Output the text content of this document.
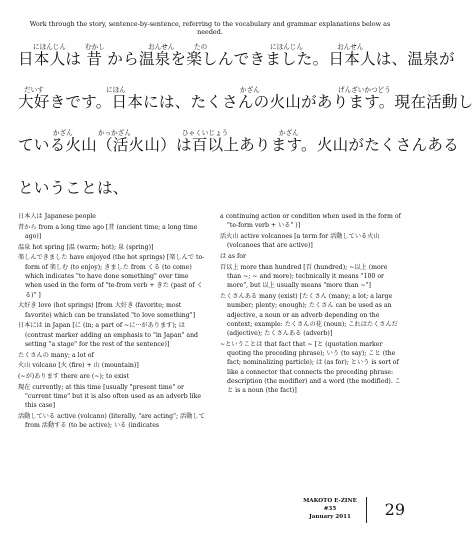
Work through the story, sentence-by-sentence, referring to the vocabulary and grammar explanations below as needed.
にほんじん	むかし	おんせん	たの	にほんじん	おんせん
日本人は 昔 から温泉を楽しんできました。日本人は、温泉が
だいす	にほん	かざん	げんざいかつどう
大好きです。日本には、たくさんの火山があります。現在活動し
かざん	かっかざん	ひゃくいじょう	かざん
ている火山（活火山）は百以上あります。火山がたくさんある
ということは、
日本人は Japanese people
昔から from a long time ago [昔 (ancient time; a long time ago)]
温泉 hot spring [温 (warm; hot); 泉 (spring)]
楽しんできました have enjoyed (the hot springs) [楽しんで to-form of 楽しむ (to enjoy); きました from くる (to come) which indicates "to have done something" over time when used in the form of "te-from verb + きた (past of くる)" ]
大好き love (hot springs) [from 大好き (favorite; most favorite) which can be translated "to love something"]
日本には in Japan [に (in; a part of ~に···があります); は (contrast marker adding an emphasis to "in Japan" and setting "a stage" for the rest of the sentence)]
たくさんの many; a lot of
火山 volcano [火 (fire) + 山 (mountain)]
(~が)あります there are (~); to exist
現在 currently; at this time [usually "present time" or "current time" but it is also often used as an adverb like this case]
活動している active (volcano) (literally, "are acting"; 活動して from 活動する (to be active); いる (indicates
a continuing action or condition when used in the form of "te-form verb + いる" )]
活火山 active volcanoes [a term for 活動している火山 (volcanoes that are active)]
は as for
百以上 more than hundred [百 (hundred); ~以上 (more than ~; ~ and more); technically it means "100 or more", but 以上 usually means "more than ~"]
たくさんある many (exist) [たくさん (many; a lot; a large number; plenty; enough); たくさん can be used as an adjective, a noun or an adverb depending on the context; example: たくさんの花 (noun); これはたくさんだ (adjective); たくさんある (adverb)]
~ということは that fact that ~ [と (quotation marker quoting the preceding phrase); いう (to say); こと (the fact; nominalizing particle); は (as for); という is sort of like a connector that connects the preceding phrase: description (the modifier) and a word (the modified). こと is a noun (the fact)]
MAKOTO E-ZINE #35
January 2011	29
